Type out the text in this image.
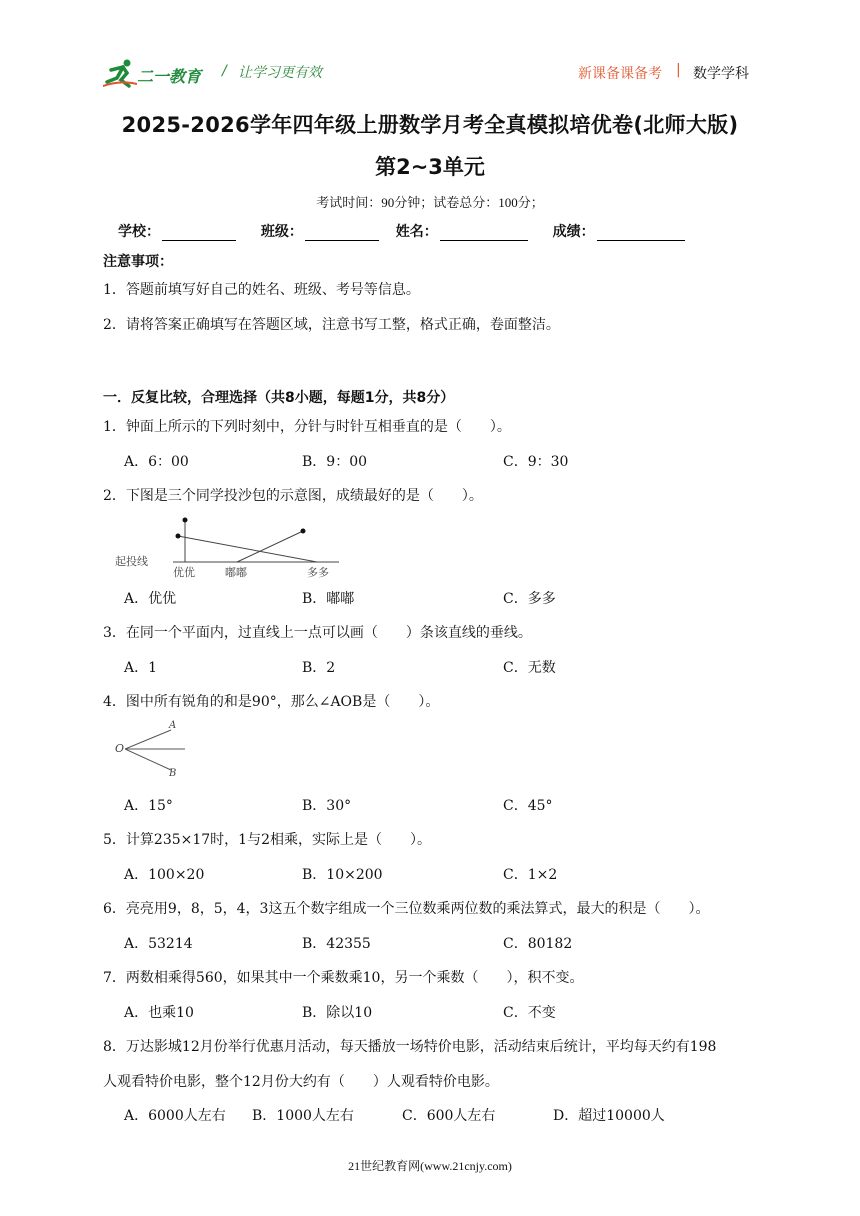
二一教育 / 让学习更有效	新课备课备考 | 数学学科
2025-2026学年四年级上册数学月考全真模拟培优卷(北师大版)
第2~3单元
考试时间：90分钟；试卷总分：100分；
学校：	班级：	姓名：	成绩：
注意事项：
1．答题前填写好自己的姓名、班级、考号等信息。
2．请将答案正确填写在答题区域，注意书写工整，格式正确，卷面整洁。
一．反复比较，合理选择（共8小题，每题1分，共8分）
1．钟面上所示的下列时刻中，分针与时针互相垂直的是（　　）。
A．6：00	B．9：00	C．9：30
2．下图是三个同学投沙包的示意图，成绩最好的是（　　）。
起投线
优优	嘟嘟	多多
A．优优	B．嘟嘟	C．多多
3．在同一个平面内，过直线上一点可以画（　　）条该直线的垂线。
A．1	B．2	C．无数
4．图中所有锐角的和是90°，那么∠AOB是（　　）。
O
A
B
A．15°	B．30°	C．45°
5．计算235×17时，1与2相乘，实际上是（　　）。
A．100×20	B．10×200	C．1×2
6．亮亮用9，8，5，4，3这五个数字组成一个三位数乘两位数的乘法算式，最大的积是（　　）。
A．53214	B．42355	C．80182
7．两数相乘得560，如果其中一个乘数乘10，另一个乘数（　　），积不变。
A．也乘10	B．除以10	C．不变
8．万达影城12月份举行优惠月活动，每天播放一场特价电影，活动结束后统计，平均每天约有198
人观看特价电影，整个12月份大约有（　　）人观看特价电影。
A．6000人左右 B．1000人左右	C．600人左右	D．超过10000人
21世纪教育网(www.21cnjy.com)
